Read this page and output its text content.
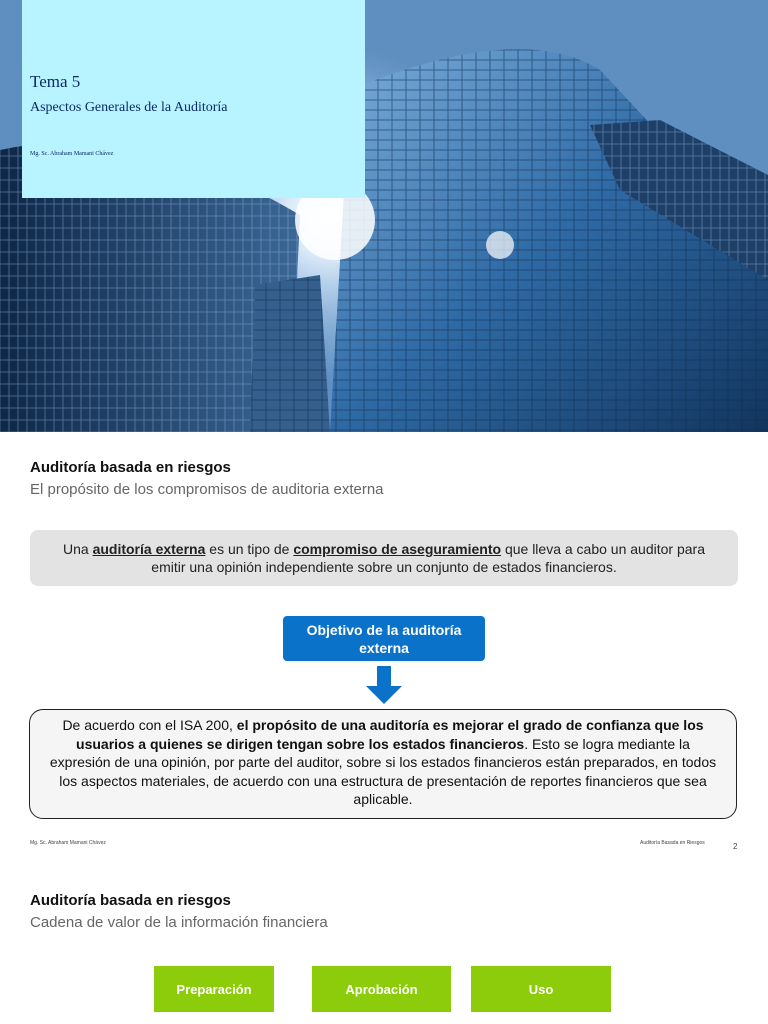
Tema 5
Aspectos Generales de la Auditoría
Mg. Sc. Abraham Mamani Chávez
Auditoría basada en riesgos
El propósito de los compromisos de auditoria externa
Una auditoría externa es un tipo de compromiso de aseguramiento que lleva a cabo un auditor para emitir una opinión independiente sobre un conjunto de estados financieros.
Objetivo de la auditoría externa
De acuerdo con el ISA 200, el propósito de una auditoría es mejorar el grado de confianza que los usuarios a quienes se dirigen tengan sobre los estados financieros. Esto se logra mediante la expresión de una opinión, por parte del auditor, sobre si los estados financieros están preparados, en todos los aspectos materiales, de acuerdo con una estructura de presentación de reportes financieros que sea aplicable.
Mg. Sc. Abraham Mamani Chávez	Auditoría Basada en Riesgos	2
Auditoría basada en riesgos
Cadena de valor de la información financiera
Preparación	Aprobación	Uso
